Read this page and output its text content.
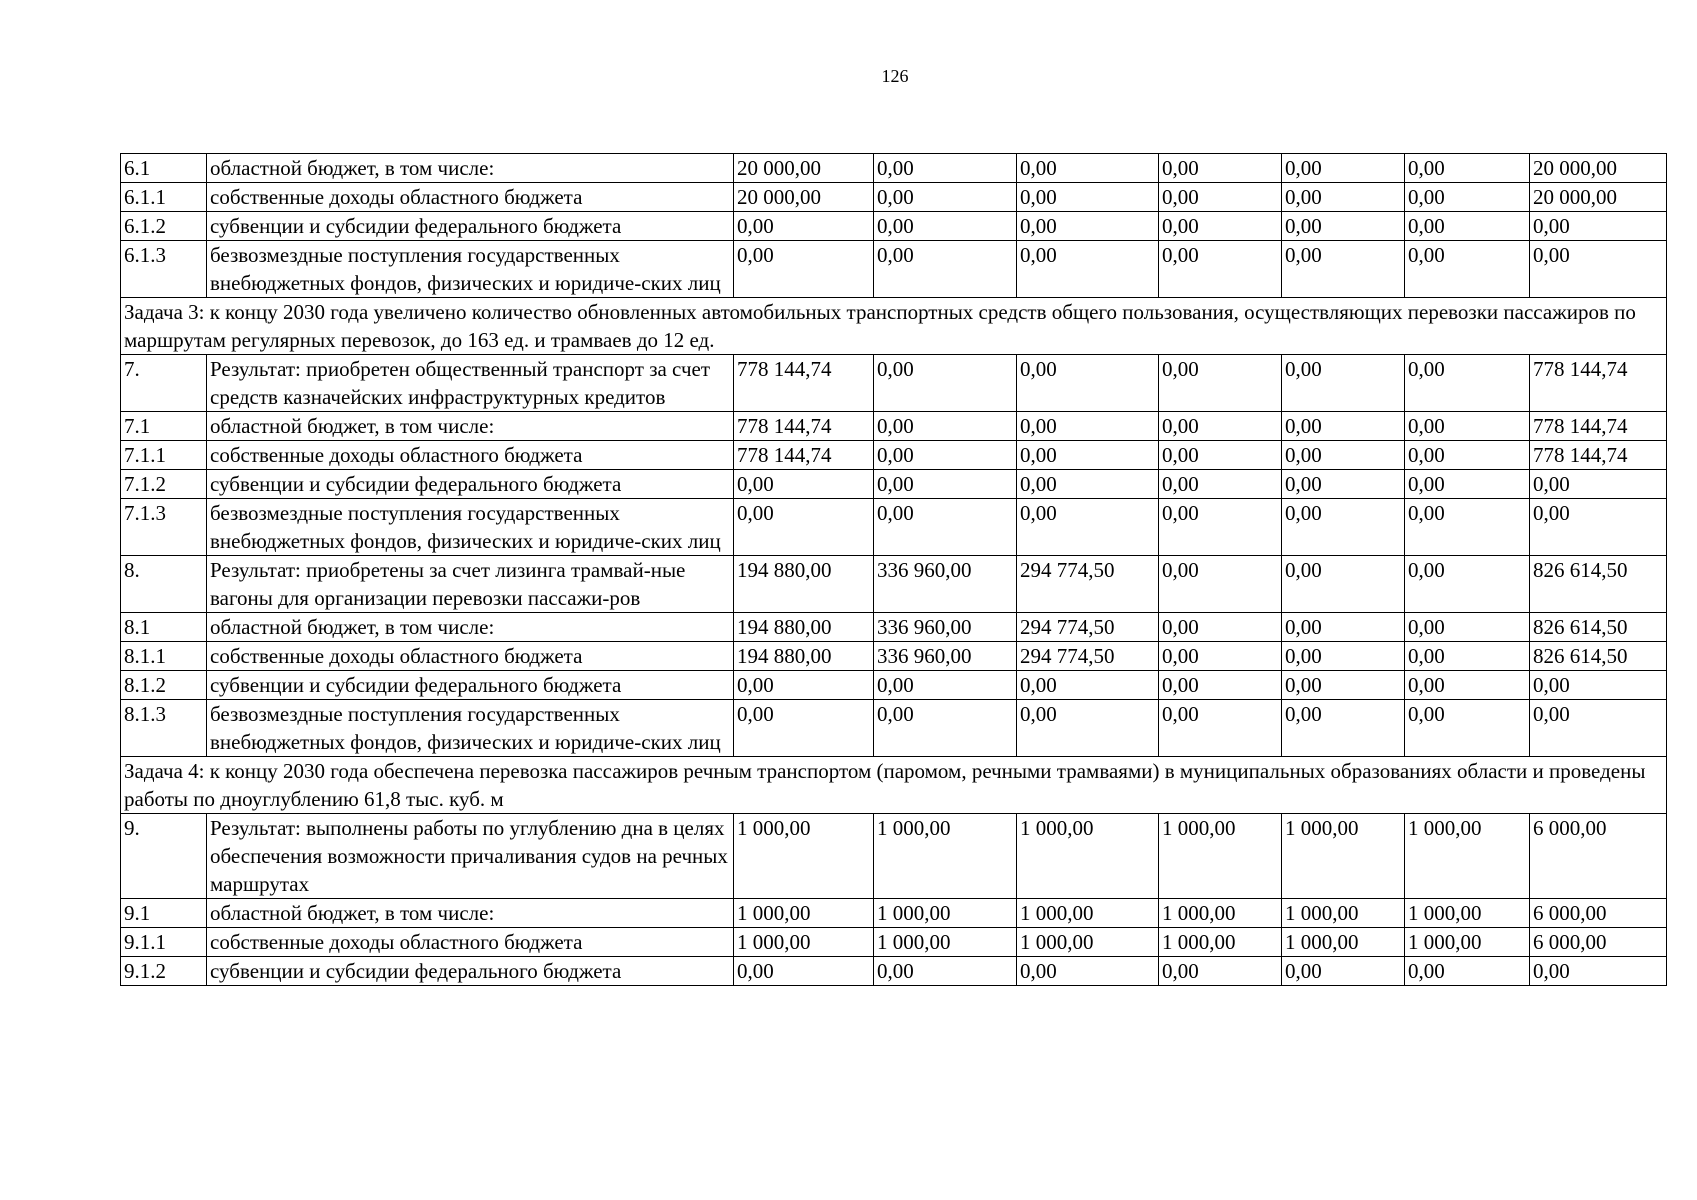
126
6.1	областной бюджет, в том числе:	20 000,00	0,00	0,00	0,00	0,00	0,00	20 000,00
6.1.1	собственные доходы областного бюджета	20 000,00	0,00	0,00	0,00	0,00	0,00	20 000,00
6.1.2	субвенции и субсидии федерального бюджета	0,00	0,00	0,00	0,00	0,00	0,00	0,00
6.1.3	безвозмездные поступления государственных внебюджетных фондов, физических и юридиче-ских лиц	0,00	0,00	0,00	0,00	0,00	0,00	0,00
Задача 3: к концу 2030 года увеличено количество обновленных автомобильных транспортных средств общего пользования, осуществляющих перевозки пассажиров по маршрутам регулярных перевозок, до 163 ед. и трамваев до 12 ед.								
7.	Результат: приобретен общественный транспорт за счет средств казначейских инфраструктурных кредитов	778 144,74	0,00	0,00	0,00	0,00	0,00	778 144,74
7.1	областной бюджет, в том числе:	778 144,74	0,00	0,00	0,00	0,00	0,00	778 144,74
7.1.1	собственные доходы областного бюджета	778 144,74	0,00	0,00	0,00	0,00	0,00	778 144,74
7.1.2	субвенции и субсидии федерального бюджета	0,00	0,00	0,00	0,00	0,00	0,00	0,00
7.1.3	безвозмездные поступления государственных внебюджетных фондов, физических и юридиче-ских лиц	0,00	0,00	0,00	0,00	0,00	0,00	0,00
8.	Результат: приобретены за счет лизинга трамвай-ные вагоны для организации перевозки пассажи-ров	194 880,00	336 960,00	294 774,50	0,00	0,00	0,00	826 614,50
8.1	областной бюджет, в том числе:	194 880,00	336 960,00	294 774,50	0,00	0,00	0,00	826 614,50
8.1.1	собственные доходы областного бюджета	194 880,00	336 960,00	294 774,50	0,00	0,00	0,00	826 614,50
8.1.2	субвенции и субсидии федерального бюджета	0,00	0,00	0,00	0,00	0,00	0,00	0,00
8.1.3	безвозмездные поступления государственных внебюджетных фондов, физических и юридиче-ских лиц	0,00	0,00	0,00	0,00	0,00	0,00	0,00
Задача 4: к концу 2030 года обеспечена перевозка пассажиров речным транспортом (паромом, речными трамваями) в муниципальных образованиях области и проведены работы по дноуглублению 61,8 тыс. куб. м								
9.	Результат: выполнены работы по углублению дна в целях обеспечения возможности причаливания судов на речных маршрутах	1 000,00	1 000,00	1 000,00	1 000,00	1 000,00	1 000,00	6 000,00
9.1	областной бюджет, в том числе:	1 000,00	1 000,00	1 000,00	1 000,00	1 000,00	1 000,00	6 000,00
9.1.1	собственные доходы областного бюджета	1 000,00	1 000,00	1 000,00	1 000,00	1 000,00	1 000,00	6 000,00
9.1.2	субвенции и субсидии федерального бюджета	0,00	0,00	0,00	0,00	0,00	0,00	0,00
